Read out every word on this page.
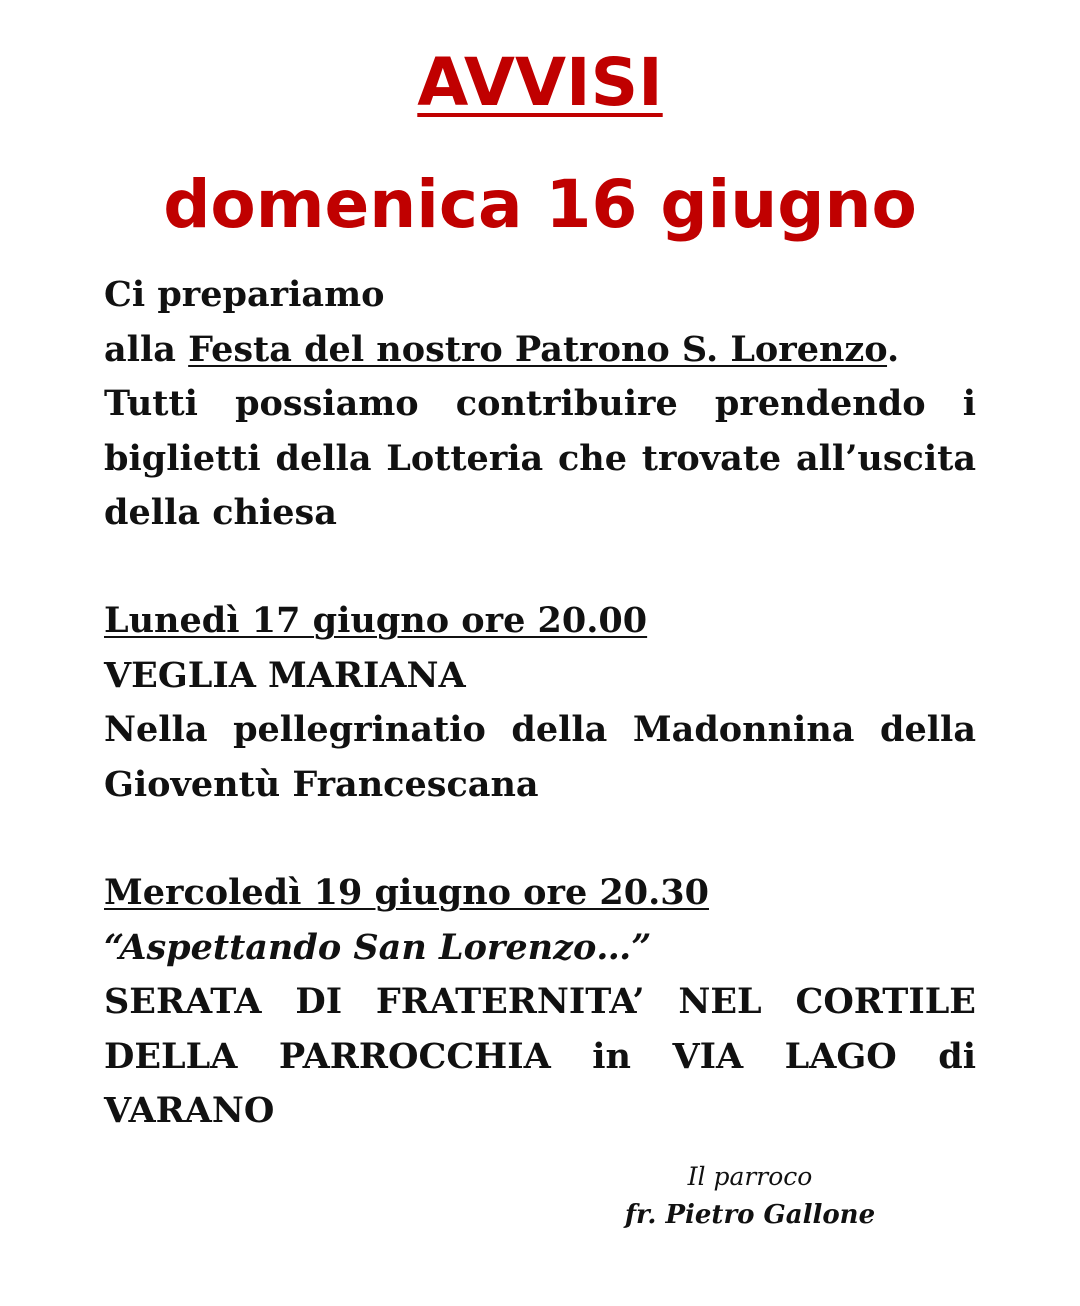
AVVISI
domenica 16 giugno
Ci prepariamo
alla Festa del nostro Patrono S. Lorenzo.
Tutti possiamo contribuire prendendo i biglietti della Lotteria che trovate all’uscita della chiesa
Lunedì 17 giugno ore 20.00
VEGLIA MARIANA
Nella pellegrinatio della Madonnina della Gioventù Francescana
Mercoledì 19 giugno ore 20.30
“Aspettando San Lorenzo…”
SERATA DI FRATERNITA’ NEL CORTILE DELLA PARROCCHIA in VIA LAGO di VARANO

Il parroco

fr. Pietro Gallone
